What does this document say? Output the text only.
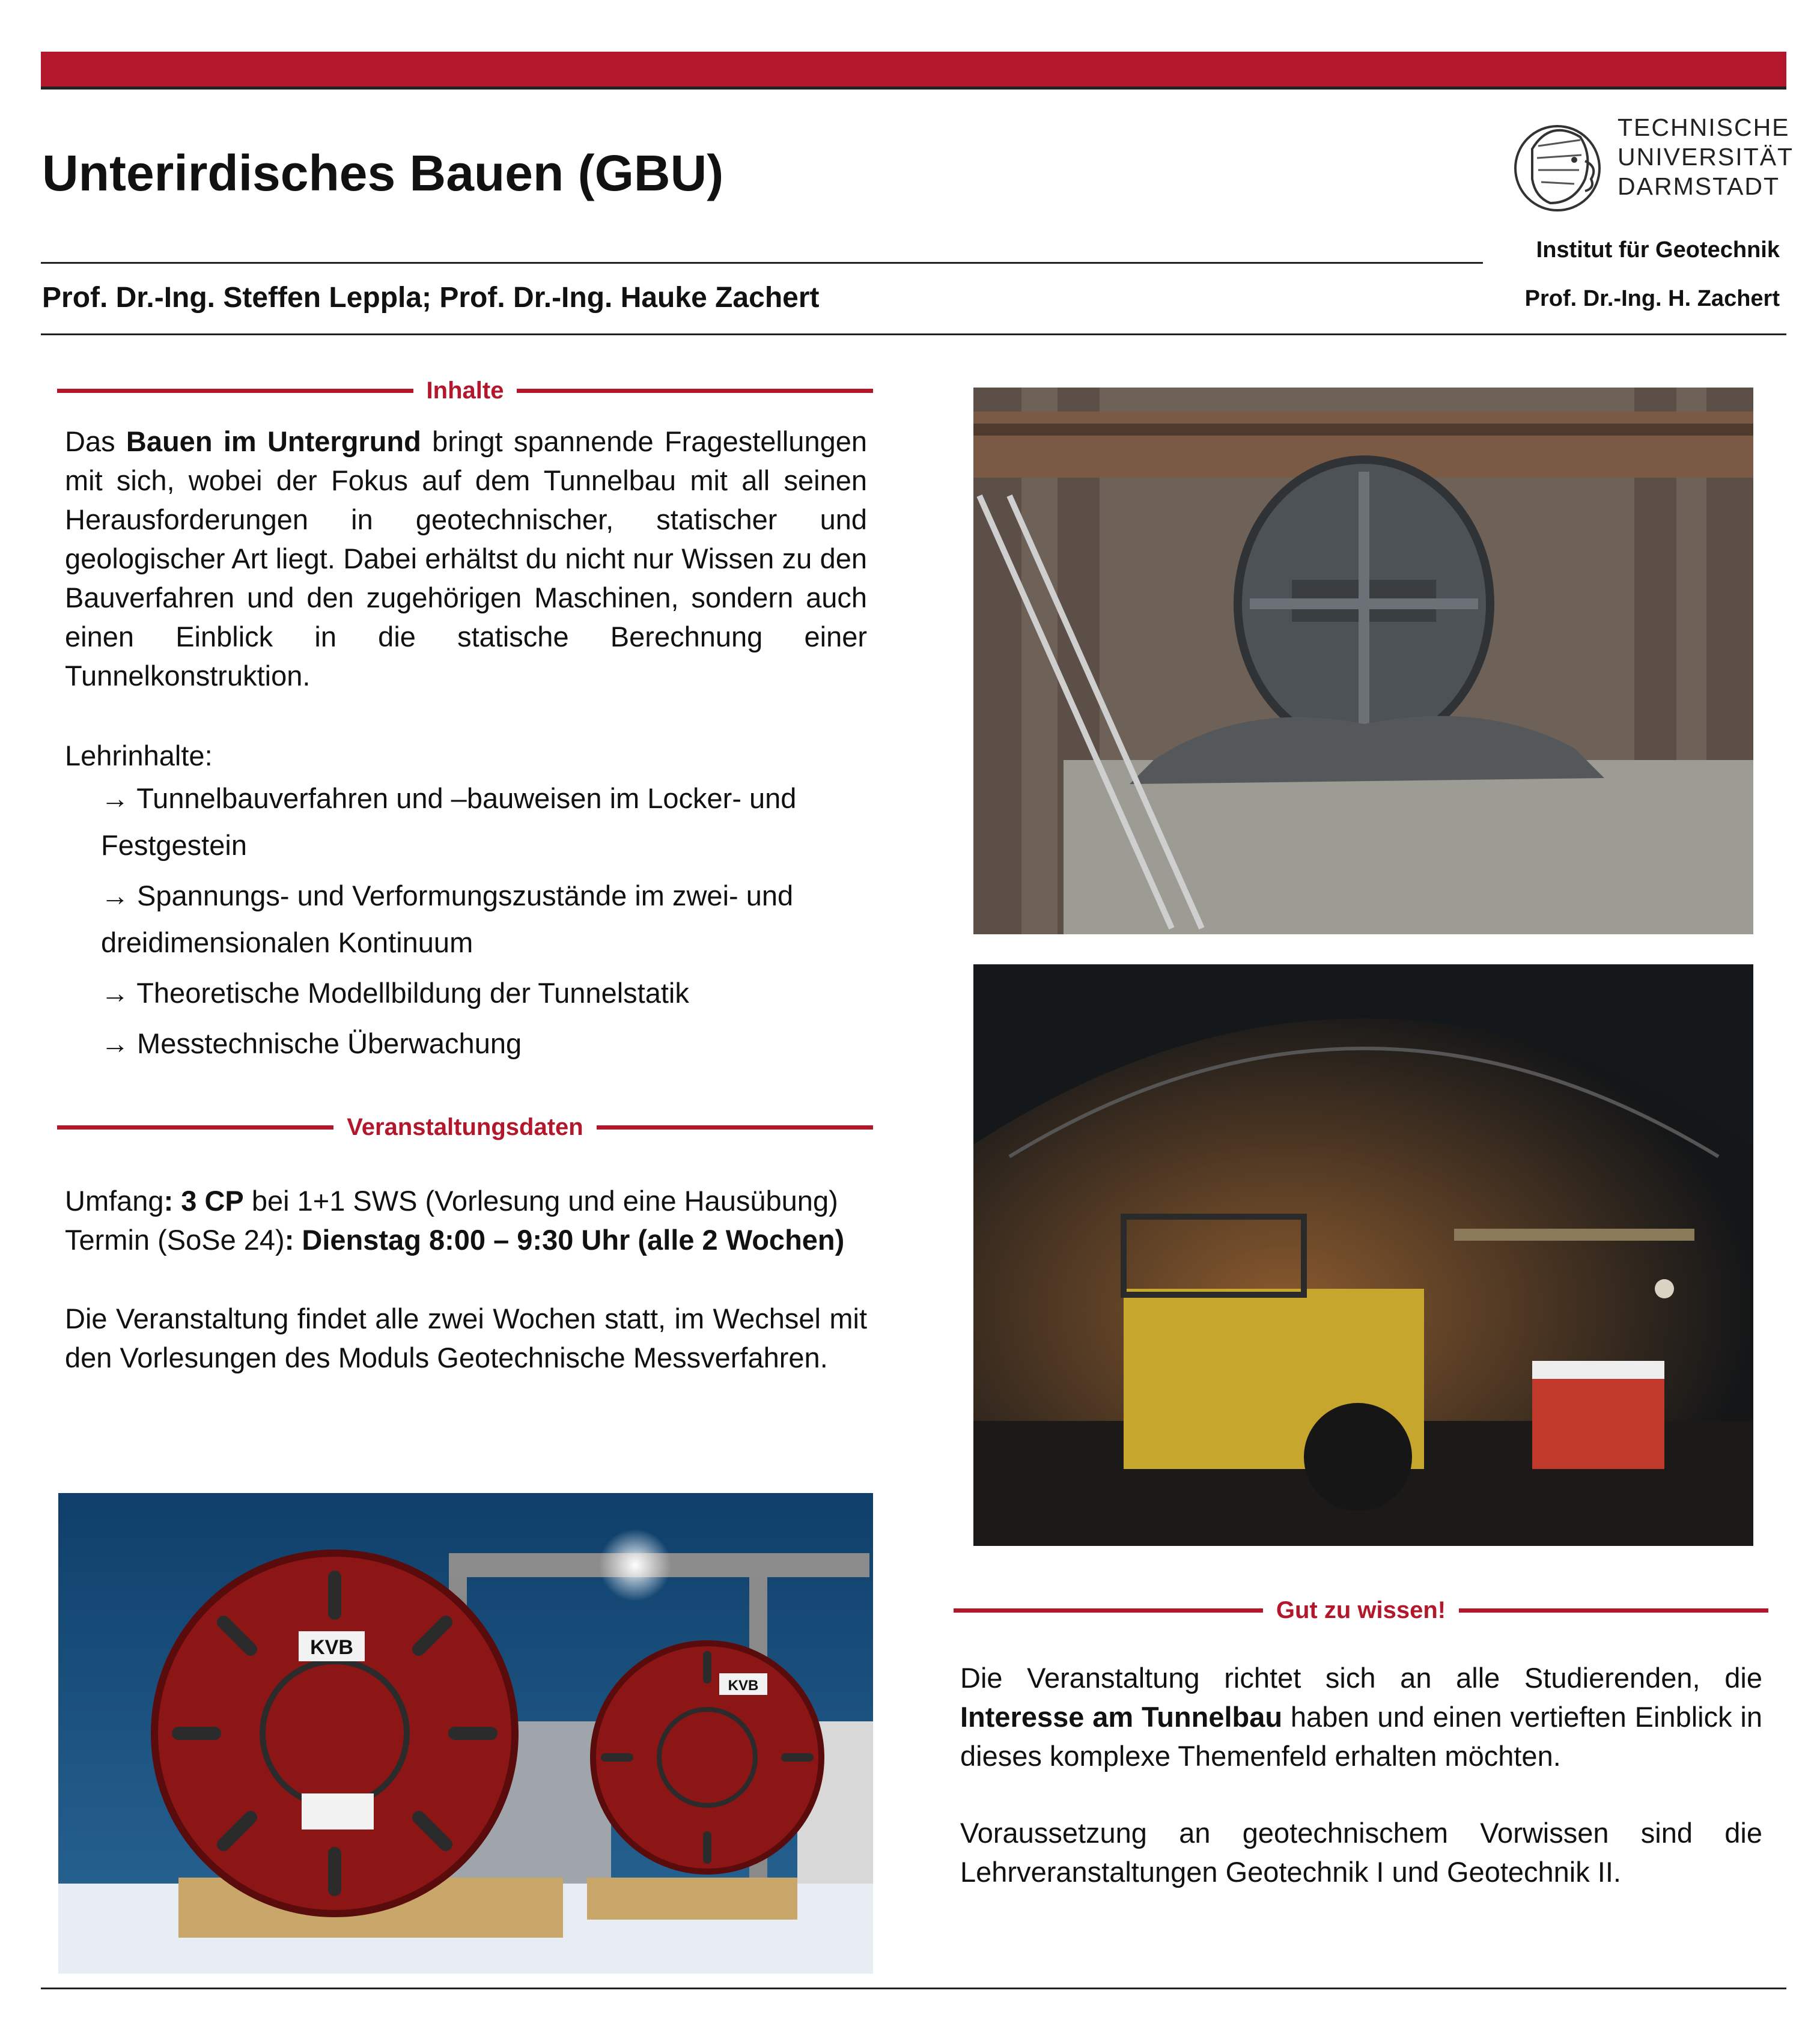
Unterirdisches Bauen (GBU)
Prof. Dr.-Ing. Steffen Leppla; Prof. Dr.-Ing. Hauke Zachert
TECHNISCHE
UNIVERSITÄT
DARMSTADT
Institut für Geotechnik
Prof. Dr.-Ing. H. Zachert
Inhalte

Das Bauen im Untergrund bringt spannende Fragestellungen mit sich, wobei der Fokus auf dem Tunnelbau mit all seinen Herausforderungen in geotechnischer, statischer und geologischer Art liegt. Dabei erhältst du nicht nur Wissen zu den Bauverfahren und den zugehörigen Maschinen, sondern auch einen Einblick in die statische Berechnung einer Tunnelkonstruktion.

Lehrinhalte:
→ Tunnelbauverfahren und –bauweisen im Locker- und Festgestein
→ Spannungs- und Verformungszustände im zwei- und dreidimensionalen Kontinuum
→ Theoretische Modellbildung der Tunnelstatik
→ Messtechnische Überwachung
Veranstaltungsdaten

Umfang: 3 CP bei 1+1 SWS (Vorlesung und eine Hausübung)

Termin (SoSe 24): Dienstag 8:00 – 9:30 Uhr (alle 2 Wochen)

Die Veranstaltung findet alle zwei Wochen statt, im Wechsel mit den Vorlesungen des Moduls Geotechnische Messverfahren.
KVB
KVB
Gut zu wissen!

Die Veranstaltung richtet sich an alle Studierenden, die Interesse am Tunnelbau haben und einen vertieften Einblick in dieses komplexe Themenfeld erhalten möchten.

Voraussetzung an geotechnischem Vorwissen sind die Lehrveranstaltungen Geotechnik I und Geotechnik II.
